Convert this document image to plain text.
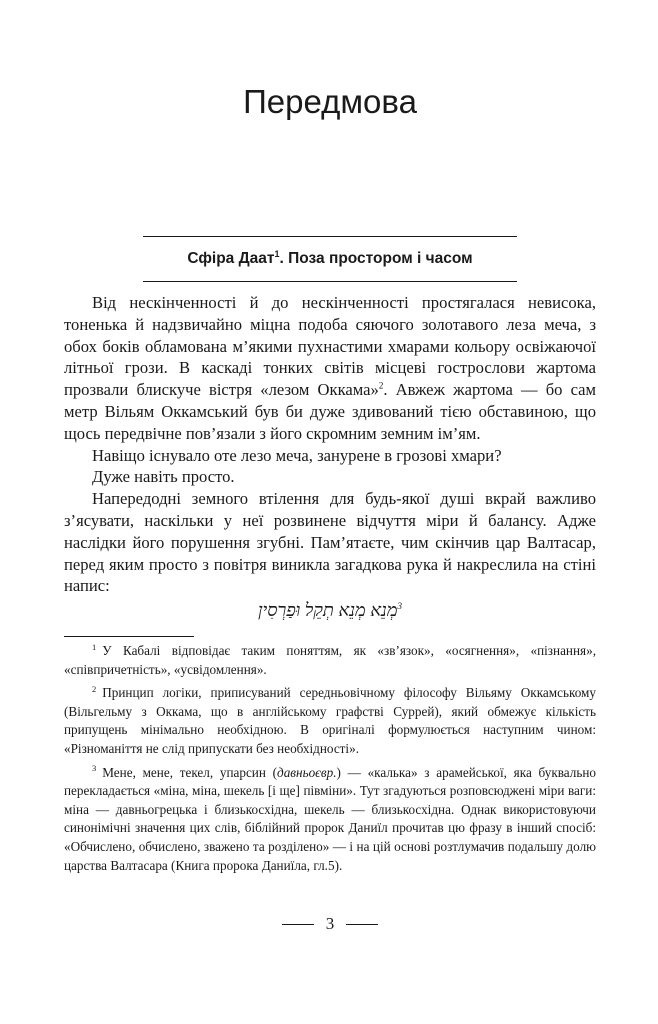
Передмова
Сфіра Даат$^1$. Поза простором і часом

Від нескінченності й до нескінченності простягалася невисока, тоненька й надзвичайно міцна подоба сяючого золотавого леза меча, з обох боків обламована м’якими пухнастими хмарами кольору освіжаючої літньої грози. В каскаді тонких світів місцеві гострослови жартома прозвали блискуче вістря «лезом Оккама»$^2$. Авжеж жартома — бо сам метр Вільям Оккамський був би дуже здивований тією обставиною, що щось передвічне пов’язали з його скромним земним ім’ям.

Навіщо існувало оте лезо меча, занурене в грозові хмари?

Дуже навіть просто.

Напередодні земного втілення для будь-якої душі вкрай важливо з’ясувати, наскільки у неї розвинене відчуття міри й балансу. Адже наслідки його порушення згубні. Пам’ятаєте, чим скінчив цар Валтасар, перед яким просто з повітря виникла загадкова рука й накреслила на стіні напис:

מְנֵא מְנֵא תְקֵל וּפַרְסִין$^3$

$^1$ У Кабалі відповідає таким поняттям, як «зв’язок», «осягнення», «пізнання», «співпричетність», «усвідомлення».

$^2$ Принцип логіки, приписуваний середньовічному філософу Вільяму Оккамському (Вільгельму з Оккама, що в англійському графстві Суррей), який обмежує кількість припущень мінімально необхідною. В оригіналі формулюється наступним чином: «Різноманіття не слід припускати без необхідності».

$^3$ Мене, мене, текел, упарсин (давньоєвр.) — «калька» з арамейської, яка буквально перекладається «міна, міна, шекель [і ще] півміни». Тут згадуються розповсюджені міри ваги: міна — давньогрецька і близькосхідна, шекель — близькосхідна. Однак використовуючи синонімічні значення цих слів, біблійний пророк Даниїл прочитав цю фразу в інший спосіб: «Обчислено, обчислено, зважено та розділено» — і на цій основі розтлумачив подальшу долю царства Валтасара (Книга пророка Даниїла, гл.5).

3
